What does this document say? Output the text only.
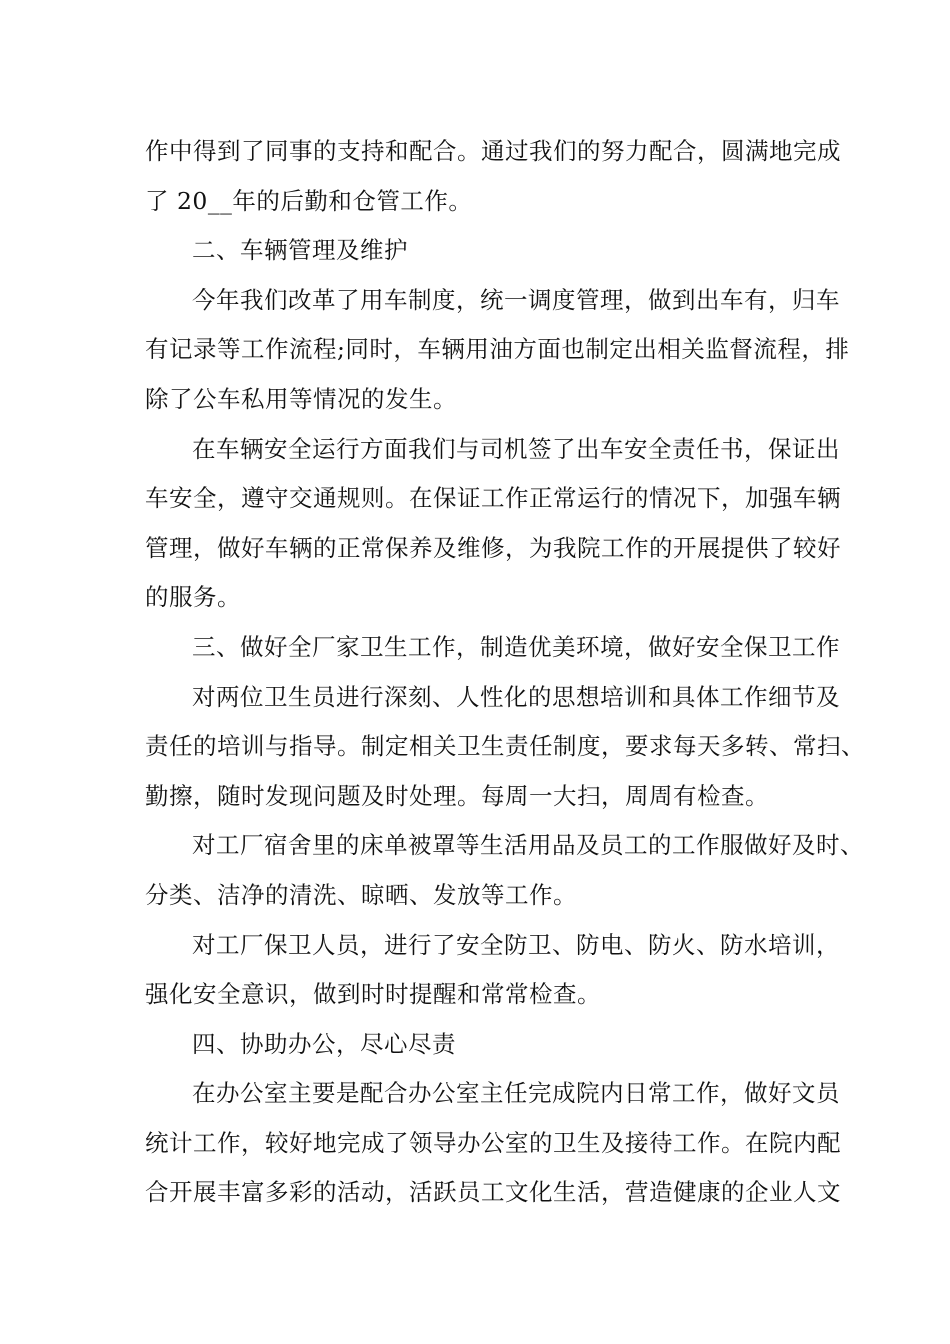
作中得到了同事的支持和配合。通过我们的努力配合，圆满地完成
了 20__年的后勤和仓管工作。

二、车辆管理及维护

今年我们改革了用车制度，统一调度管理，做到出车有，归车
有记录等工作流程;同时，车辆用油方面也制定出相关监督流程，排
除了公车私用等情况的发生。

在车辆安全运行方面我们与司机签了出车安全责任书，保证出
车安全，遵守交通规则。在保证工作正常运行的情况下，加强车辆
管理，做好车辆的正常保养及维修，为我院工作的开展提供了较好
的服务。

三、做好全厂家卫生工作，制造优美环境，做好安全保卫工作

对两位卫生员进行深刻、人性化的思想培训和具体工作细节及
责任的培训与指导。制定相关卫生责任制度，要求每天多转、常扫、
勤擦，随时发现问题及时处理。每周一大扫，周周有检查。

对工厂宿舍里的床单被罩等生活用品及员工的工作服做好及时、
分类、洁净的清洗、晾晒、发放等工作。

对工厂保卫人员，进行了安全防卫、防电、防火、防水培训，
强化安全意识，做到时时提醒和常常检查。

四、协助办公，尽心尽责

在办公室主要是配合办公室主任完成院内日常工作，做好文员
统计工作，较好地完成了领导办公室的卫生及接待工作。在院内配
合开展丰富多彩的活动，活跃员工文化生活，营造健康的企业人文
